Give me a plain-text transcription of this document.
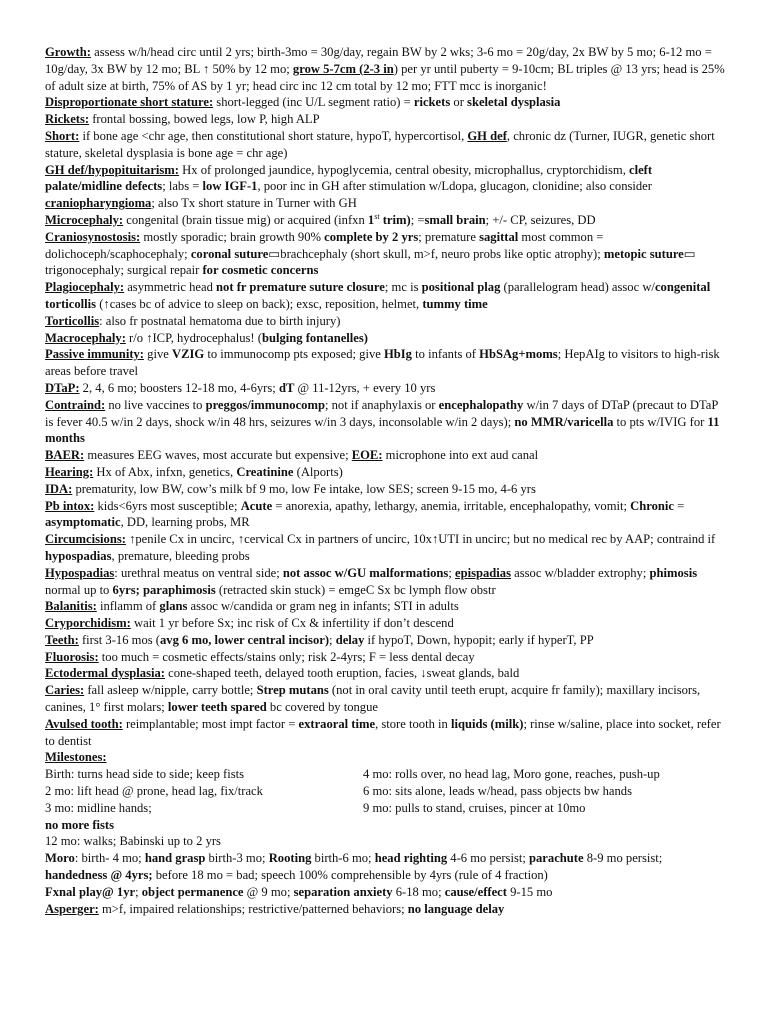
Growth: assess w/h/head circ until 2 yrs; birth-3mo = 30g/day, regain BW by 2 wks; 3-6 mo = 20g/day, 2x BW by 5 mo; 6-12 mo = 10g/day, 3x BW by 12 mo; BL ↑ 50% by 12 mo; grow 5-7cm (2-3 in) per yr until puberty = 9-10cm; BL triples @ 13 yrs; head is 25% of adult size at birth, 75% of AS by 1 yr; head circ inc 12 cm total by 12 mo; FTT mcc is inorganic!
Disproportionate short stature: short-legged (inc U/L segment ratio) = rickets or skeletal dysplasia
Rickets: frontal bossing, bowed legs, low P, high ALP
Short: if bone age <chr age, then constitutional short stature, hypoT, hypercortisol, GH def, chronic dz (Turner, IUGR, genetic short stature, skeletal dysplasia is bone age = chr age)
GH def/hypopituitarism: Hx of prolonged jaundice, hypoglycemia, central obesity, microphallus, cryptorchidism, cleft palate/midline defects; labs = low IGF-1, poor inc in GH after stimulation w/Ldopa, glucagon, clonidine; also consider craniopharyngioma; also Tx short stature in Turner with GH
Microcephaly: congenital (brain tissue mig) or acquired (infxn 1st trim); =small brain; +/- CP, seizures, DD
Craniosynostosis: mostly sporadic; brain growth 90% complete by 2 yrs; premature sagittal most common = dolichoceph/scaphocephaly; coronal suture▭brachcephaly (short skull, m>f, neuro probs like optic atrophy); metopic suture▭ trigonocephaly; surgical repair for cosmetic concerns
Plagiocephaly: asymmetric head not fr premature suture closure; mc is positional plag (parallelogram head) assoc w/congenital torticollis (↑cases bc of advice to sleep on back); exsc, reposition, helmet, tummy time
Torticollis: also fr postnatal hematoma due to birth injury)
Macrocephaly: r/o ↑ICP, hydrocephalus! (bulging fontanelles)
Passive immunity: give VZIG to immunocomp pts exposed; give HbIg to infants of HbSAg+moms; HepAIg to visitors to high-risk areas before travel
DTaP: 2, 4, 6 mo; boosters 12-18 mo, 4-6yrs; dT @ 11-12yrs, + every 10 yrs
Contraind: no live vaccines to preggos/immunocomp; not if anaphylaxis or encephalopathy w/in 7 days of DTaP (precaut to DTaP is fever 40.5 w/in 2 days, shock w/in 48 hrs, seizures w/in 3 days, inconsolable w/in 2 days); no MMR/varicella to pts w/IVIG for 11 months
BAER: measures EEG waves, most accurate but expensive; EOE: microphone into ext aud canal
Hearing: Hx of Abx, infxn, genetics, Creatinine (Alports)
IDA: prematurity, low BW, cow’s milk bf 9 mo, low Fe intake, low SES; screen 9-15 mo, 4-6 yrs
Pb intox: kids<6yrs most susceptible; Acute = anorexia, apathy, lethargy, anemia, irritable, encephalopathy, vomit; Chronic = asymptomatic, DD, learning probs, MR
Circumcisions: ↑penile Cx in uncirc, ↑cervical Cx in partners of uncirc, 10x↑UTI in uncirc; but no medical rec by AAP; contraind if hypospadias, premature, bleeding probs
Hypospadias: urethral meatus on ventral side; not assoc w/GU malformations; epispadias assoc w/bladder extrophy; phimosis normal up to 6yrs; paraphimosis (retracted skin stuck) = emgeC Sx bc lymph flow obstr
Balanitis: inflamm of glans assoc w/candida or gram neg in infants; STI in adults
Cryporchidism: wait 1 yr before Sx; inc risk of Cx & infertility if don’t descend
Teeth: first 3-16 mos (avg 6 mo, lower central incisor); delay if hypoT, Down, hypopit; early if hyperT, PP
Fluorosis: too much = cosmetic effects/stains only; risk 2-4yrs; F = less dental decay
Ectodermal dysplasia: cone-shaped teeth, delayed tooth eruption, facies, ↓sweat glands, bald
Caries: fall asleep w/nipple, carry bottle; Strep mutans (not in oral cavity until teeth erupt, acquire fr family); maxillary incisors, canines, 1° first molars; lower teeth spared bc covered by tongue
Avulsed tooth: reimplantable; most impt factor = extraoral time, store tooth in liquids (milk); rinse w/saline, place into socket, refer to dentist
Milestones:
Birth: turns head side to side; keep fists	4 mo: rolls over, no head lag, Moro gone, reaches, push-up
2 mo: lift head @ prone, head lag, fix/track	6 mo: sits alone, leads w/head, pass objects bw hands
3 mo: midline hands;
no more fists
9 mo: pulls to stand, cruises, pincer at 10mo
12 mo: walks; Babinski up to 2 yrs
Moro: birth- 4 mo; hand grasp birth-3 mo; Rooting birth-6 mo; head righting 4-6 mo persist; parachute 8-9 mo persist; handedness @ 4yrs; before 18 mo = bad; speech 100% comprehensible by 4yrs (rule of 4 fraction)
Fxnal play@ 1yr; object permanence @ 9 mo; separation anxiety 6-18 mo; cause/effect 9-15 mo
Asperger: m>f, impaired relationships; restrictive/patterned behaviors; no language delay
